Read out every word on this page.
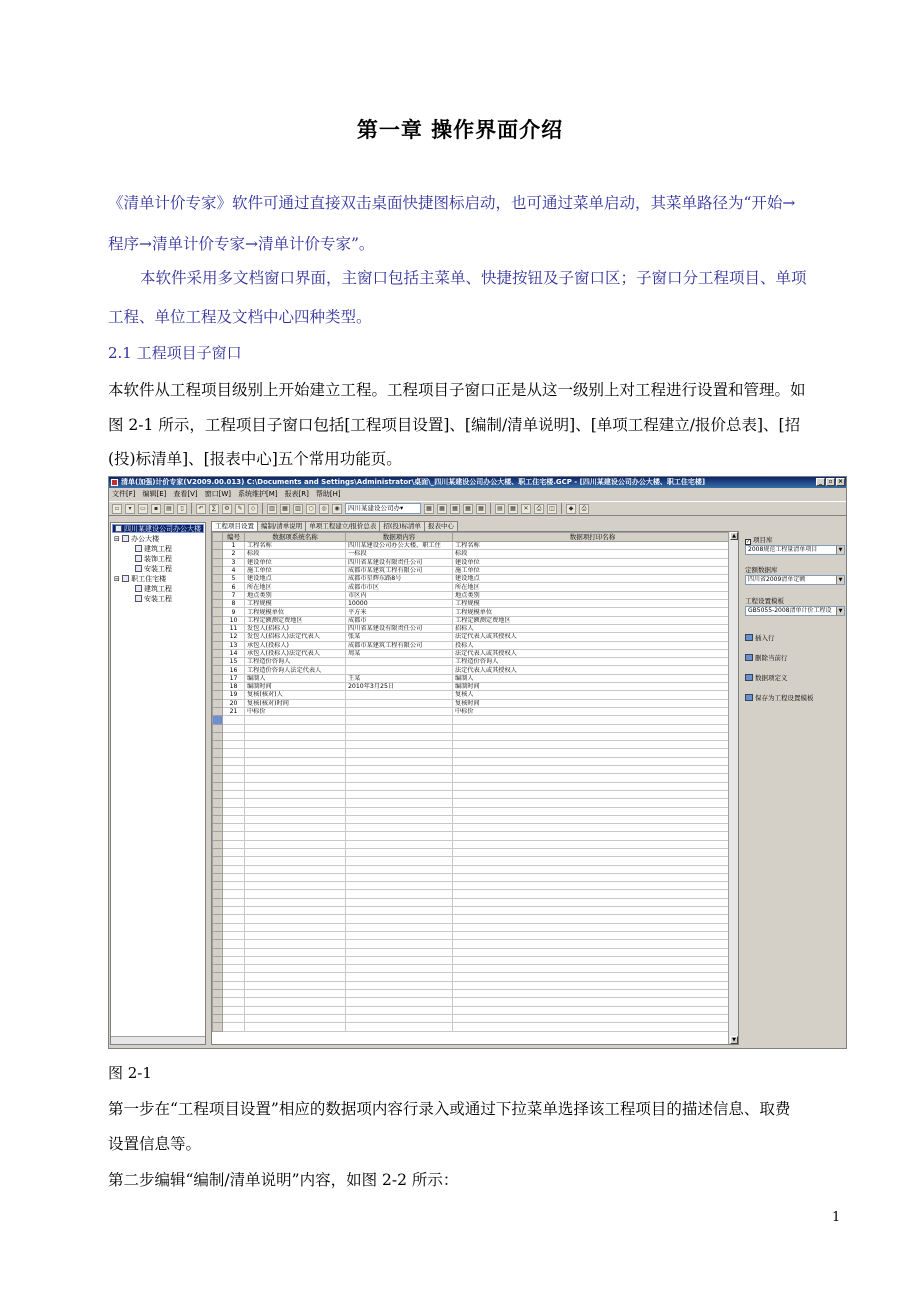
第一章 操作界面介绍
《清单计价专家》软件可通过直接双击桌面快捷图标启动，也可通过菜单启动，其菜单路径为“开始→
程序→清单计价专家→清单计价专家”。
本软件采用多文档窗口界面，主窗口包括主菜单、快捷按钮及子窗口区；子窗口分工程项目、单项
工程、单位工程及文档中心四种类型。
2.1 工程项目子窗口
本软件从工程项目级别上开始建立工程。工程项目子窗口正是从这一级别上对工程进行设置和管理。如
图 2-1 所示，工程项目子窗口包括[工程项目设置]、[编制/清单说明]、[单项工程建立/报价总表]、[招
(投)标清单]、[报表中心]五个常用功能页。
清单(加强)计价专家(V2009.00.013) C:\Documents and Settings\Administrator\桌面\_四川某建设公司办公大楼、职工住宅楼.GCP - [四川某建设公司办公大楼、职工住宅楼]	_	▫ ×
文件[F] 编辑[E] 查看[V] 窗口[W] 系统维护[M] 报表[R] 帮助[H]
▫	▾	▭	▪	▤	▯	↶	∑	⚙	✎	◇	▥	▦	▥	○	◎	◉	四川某建设公司办▾	▦	▦	▦	▦	▦	▤	▦	✕	⎙	◫	◆	⎙
四川某建设公司办公大楼
⊟ 办公大楼
建筑工程
装饰工程
安装工程
⊟ 职工住宅楼
建筑工程
安装工程
工程项目设置	编制/清单说明	单项工程建立/报价总表	招(投)标清单	报表中心
	编号	数据项系统名称	数据项内容	数据项打印名称
	1	工程名称	四川某建设公司办公大楼、职工住	工程名称
	2	标段	一标段	标段
	3	建设单位	四川省某建设有限责任公司	建设单位
	4	施工单位	成都市某建筑工程有限公司	施工单位
	5	建设地点	成都市星辉东路8号	建设地点
	6	所在地区	成都市市区	所在地区
	7	地点类别	市区内	地点类别
	8	工程规模	10000	工程规模
	9	工程规模单位	平方米	工程规模单位
	10	工程定额测定费地区	成都市	工程定额测定费地区
	11	发包人(招标人)	四川省某建设有限责任公司	招标人
	12	发包人(招标人)法定代表人	张某	法定代表人或其授权人
	13	承包人(投标人)	成都市某建筑工程有限公司	投标人
	14	承包人(投标人)法定代表人	周某	法定代表人或其授权人
	15	工程造价咨询人		工程造价咨询人
	16	工程造价咨询人法定代表人		法定代表人或其授权人
	17	编制人	王某	编制人
	18	编制时间	2010年3月25日	编制时间
	19	复核(核对)人		复核人
	20	复核(核对)时间		复核时间
	21	中标价		中标价

▲
▼
✓ 项目库
2008规范工程量清单项目	▼
定额数据库
四川省2009清单定额	▼
工程设置模板
GB5055-2008清单计价工程设	▼
插入行
删除当前行
数据项定义
保存为工程设置模板
图 2-1
第一步在“工程项目设置”相应的数据项内容行录入或通过下拉菜单选择该工程项目的描述信息、取费
设置信息等。
第二步编辑“编制/清单说明”内容，如图 2-2 所示：
1
